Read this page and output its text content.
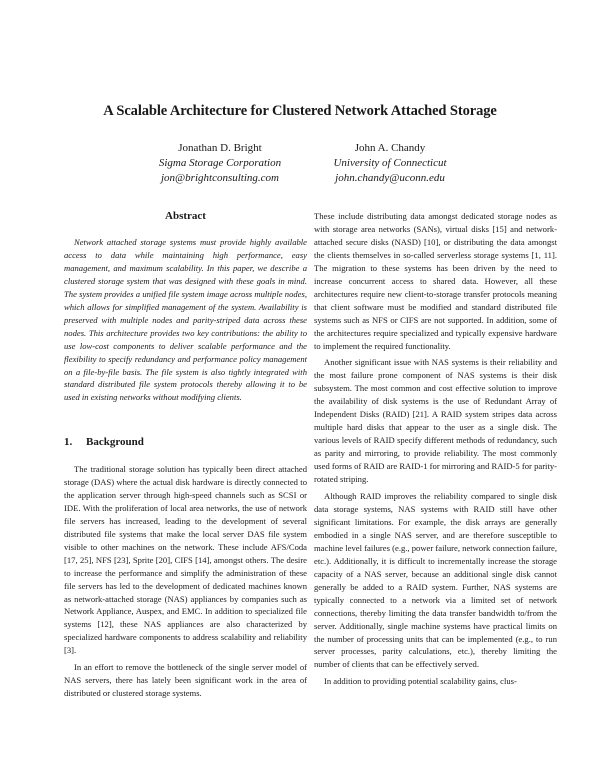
A Scalable Architecture for Clustered Network Attached Storage
Jonathan D. Bright
Sigma Storage Corporation
jon@brightconsulting.com
John A. Chandy
University of Connecticut
john.chandy@uconn.edu
Abstract

Network attached storage systems must provide highly available access to data while maintaining high performance, easy management, and maximum scalability. In this paper, we describe a clustered storage system that was designed with these goals in mind. The system provides a unified file system image across multiple nodes, which allows for simplified management of the system. Availability is preserved with multiple nodes and parity-striped data across these nodes. This architecture provides two key contributions: the ability to use low-cost components to deliver scalable performance and the flexibility to specify redundancy and performance policy management on a file-by-file basis. The file system is also tightly integrated with standard distributed file system protocols thereby allowing it to be used in existing networks without modifying clients.

1. Background

The traditional storage solution has typically been direct attached storage (DAS) where the actual disk hardware is directly connected to the application server through high-speed channels such as SCSI or IDE. With the proliferation of local area networks, the use of network file servers has increased, leading to the development of several distributed file systems that make the local server DAS file system visible to other machines on the network. These include AFS/Coda [17, 25], NFS [23], Sprite [20], CIFS [14], amongst others. The desire to increase the performance and simplify the administration of these file servers has led to the development of dedicated machines known as network-attached storage (NAS) appliances by companies such as Network Appliance, Auspex, and EMC. In addition to specialized file systems [12], these NAS appliances are also characterized by specialized hardware components to address scalability and reliability [3].

In an effort to remove the bottleneck of the single server model of NAS servers, there has lately been significant work in the area of distributed or clustered storage systems.

These include distributing data amongst dedicated storage nodes as with storage area networks (SANs), virtual disks [15] and network-attached secure disks (NASD) [10], or distributing the data amongst the clients themselves in so-called serverless storage systems [1, 11]. The migration to these systems has been driven by the need to increase concurrent access to shared data. However, all these architectures require new client-to-storage transfer protocols meaning that client software must be modified and standard distributed file systems such as NFS or CIFS are not supported. In addition, some of the architectures require specialized and typically expensive hardware to implement the required functionality.

Another significant issue with NAS systems is their reliability and the most failure prone component of NAS systems is their disk subsystem. The most common and cost effective solution to improve the availability of disk systems is the use of Redundant Array of Independent Disks (RAID) [21]. A RAID system stripes data across multiple hard disks that appear to the user as a single disk. The various levels of RAID specify different methods of redundancy, such as parity and mirroring, to provide reliability. The most commonly used forms of RAID are RAID-1 for mirroring and RAID-5 for parity-rotated striping.

Although RAID improves the reliability compared to single disk data storage systems, NAS systems with RAID still have other significant limitations. For example, the disk arrays are generally embodied in a single NAS server, and are therefore susceptible to machine level failures (e.g., power failure, network connection failure, etc.). Additionally, it is difficult to incrementally increase the storage capacity of a NAS server, because an additional single disk cannot generally be added to a RAID system. Further, NAS systems are typically connected to a network via a limited set of network connections, thereby limiting the data transfer bandwidth to/from the server. Additionally, single machine systems have practical limits on the number of processing units that can be implemented (e.g., to run server processes, parity calculations, etc.), thereby limiting the number of clients that can be effectively served.

In addition to providing potential scalability gains, clus-
